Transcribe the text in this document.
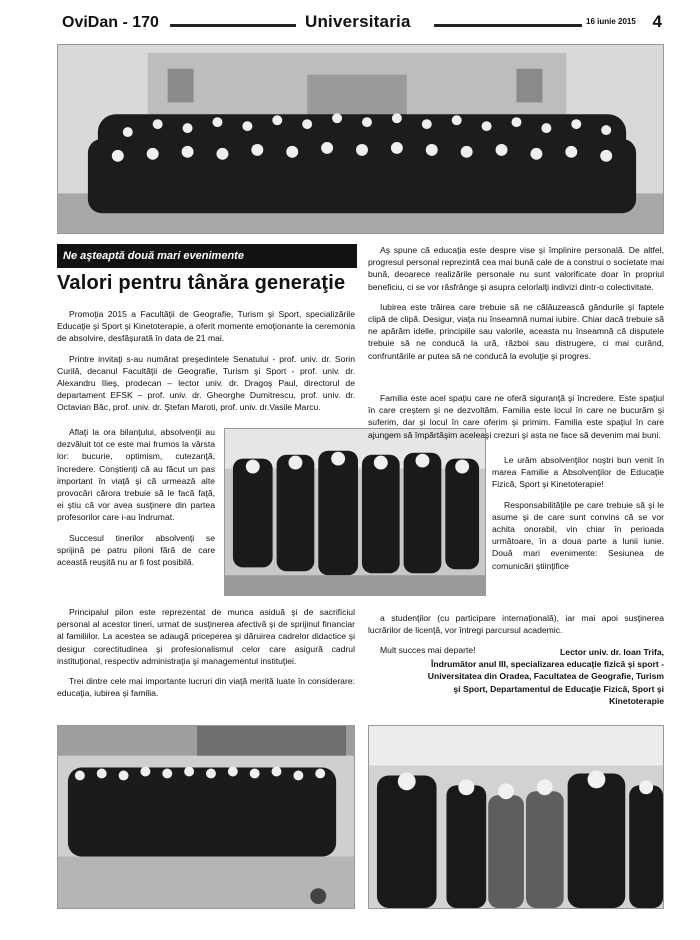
OviDan - 170	Universitaria	16 iunie 2015 4
Ne aşteaptă două mari evenimente
Valori pentru tânăra generaţie

Promoţia 2015 a Facultăţii de Geografie, Turism şi Sport, specializările Educaţie şi Sport şi Kinetoterapie, a oferit momente emoţionante la ceremonia de absolvire, desfăşurată în data de 21 mai.

Printre invitaţi s-au numărat preşedintele Senatului - prof. univ. dr. Sorin Curilă, decanul Facultăţii de Geografie, Turism şi Sport - prof. univ. dr. Alexandru Ilieş, prodecan – lector univ. dr. Dragoş Paul, directorul de departament EFSK – prof. univ. dr. Gheorghe Dumitrescu, prof. univ. dr. Octavian Bâc, prof. univ. dr. Ştefan Maroti, prof. univ. dr.Vasile Marcu.

Aflaţi la ora bilanţului, absolvenţii au dezvăluit tot ce este mai frumos la vârsta lor: bucurie, optimism, cutezanţă, încredere. Conştienţi că au făcut un pas important în viaţă şi că urmează alte provocări cărora trebuie să le facă faţă, ei ştiu că vor avea susţinere din partea profesorilor care i-au îndrumat.

Succesul tinerilor absolvenţi se sprijină pe patru piloni fără de care această reuşită nu ar fi fost posibilă.

Principalul pilon este reprezentat de munca asiduă şi de sacrificiul personal al acestor tineri, urmat de susţinerea afectivă şi de sprijinul financiar al familiilor. La acestea se adaugă priceperea şi dăruirea cadrelor didactice şi desigur corectitudinea şi profesionalismul celor care asigură cadrul instituţional, respectiv administraţia şi managementul instituţiei.

Trei dintre cele mai importante lucruri din viaţă merită luate în considerare: educaţia, iubirea şi familia.

Aş spune că educaţia este despre vise şi împlinire personală. De altfel, progresul personal reprezintă cea mai bună cale de a construi o societate mai bună, deoarece realizările personale nu sunt valorificate doar în propriul beneficiu, ci se vor răsfrânge şi asupra celorlalţi indivizi dintr-o colectivitate.

Iubirea este trăirea care trebuie să ne călăuzească gândurile şi faptele clipă de clipă. Desigur, viaţa nu înseamnă numai iubire. Chiar dacă trebuie să ne apărăm idelle, principiile sau valorile, aceasta nu înseamnă că disputele trebuie să ne conducă la ură, război sau distrugere, ci mai curând, confruntările ar putea să ne conducă la evoluţie şi progres.

Familia este acel spaţiu care ne oferă siguranţă şi încredere. Este spaţiul în care creştem şi ne dezvoltăm. Familia este locul în care ne bucurăm şi suferim, dar şi locul în care oferim şi primim. Familia este spaţiul în care ajungem să împărtăşim aceleaşi crezuri şi asta ne face să devenim mai buni.

Le urăm absolvenţilor noştri bun venit în marea Familie a Absolvenţilor de Educaţie Fizică, Sport şi Kinetoterapie!

Responsabilităţile pe care trebuie să şi le asume şi de care sunt convins că se vor achita onorabil, vin chiar în perioada următoare, în a doua parte a lunii iunie. Două mari evenimente: Sesiunea de comunicări ştiinţifice

a studenţilor (cu participare internaţională), iar mai apoi susţinerea lucrărilor de licenţă, vor întregi parcursul academic.

Mult succes mai departe!	Lector univ. dr. Ioan Trifa,
Îndrumător anul III, specializarea educaţie fizică şi sport -
Universitatea din Oradea, Facultatea de Geografie, Turism
şi Sport, Departamentul de Educaţie Fizică, Sport şi
Kinetoterapie
